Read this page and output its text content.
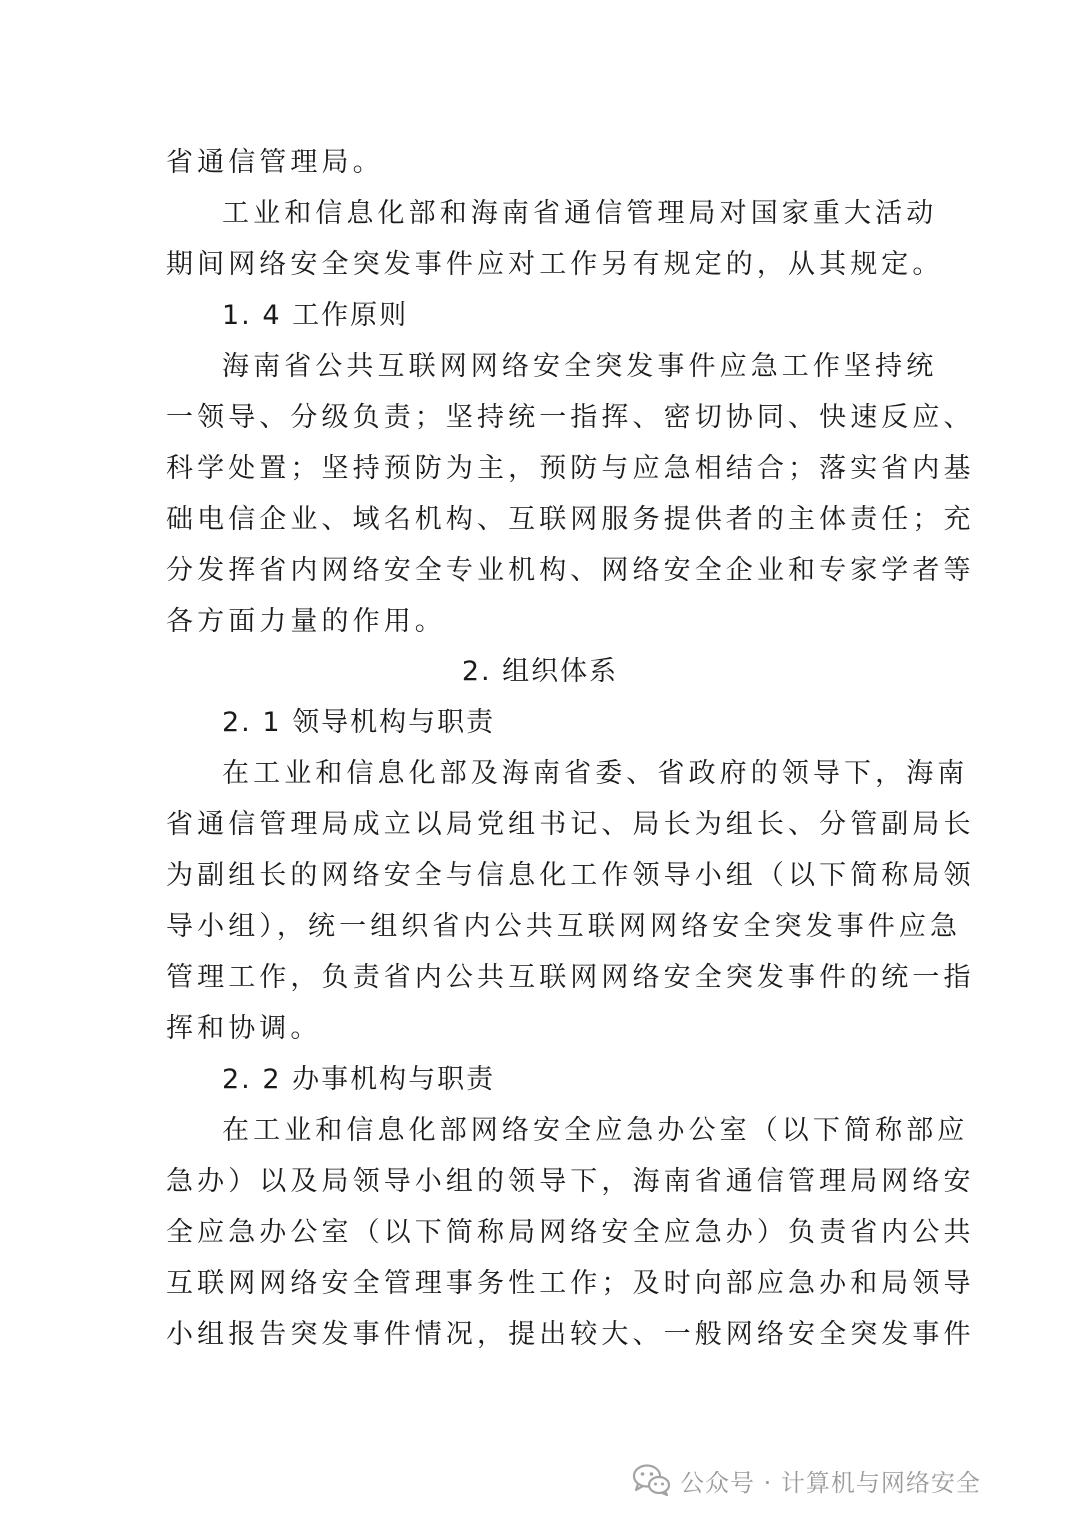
省通信管理局。
工业和信息化部和海南省通信管理局对国家重大活动
期间网络安全突发事件应对工作另有规定的，从其规定。
1. 4 工作原则
海南省公共互联网网络安全突发事件应急工作坚持统
一领导、分级负责；坚持统一指挥、密切协同、快速反应、
科学处置；坚持预防为主，预防与应急相结合；落实省内基
础电信企业、域名机构、互联网服务提供者的主体责任；充
分发挥省内网络安全专业机构、网络安全企业和专家学者等
各方面力量的作用。
2. 组织体系
2. 1 领导机构与职责
在工业和信息化部及海南省委、省政府的领导下，海南
省通信管理局成立以局党组书记、局长为组长、分管副局长
为副组长的网络安全与信息化工作领导小组（以下简称局领
导小组），统一组织省内公共互联网网络安全突发事件应急
管理工作，负责省内公共互联网网络安全突发事件的统一指
挥和协调。
2. 2 办事机构与职责
在工业和信息化部网络安全应急办公室（以下简称部应
急办）以及局领导小组的领导下，海南省通信管理局网络安
全应急办公室（以下简称局网络安全应急办）负责省内公共
互联网网络安全管理事务性工作；及时向部应急办和局领导
小组报告突发事件情况，提出较大、一般网络安全突发事件
公众号 · 计算机与网络安全
